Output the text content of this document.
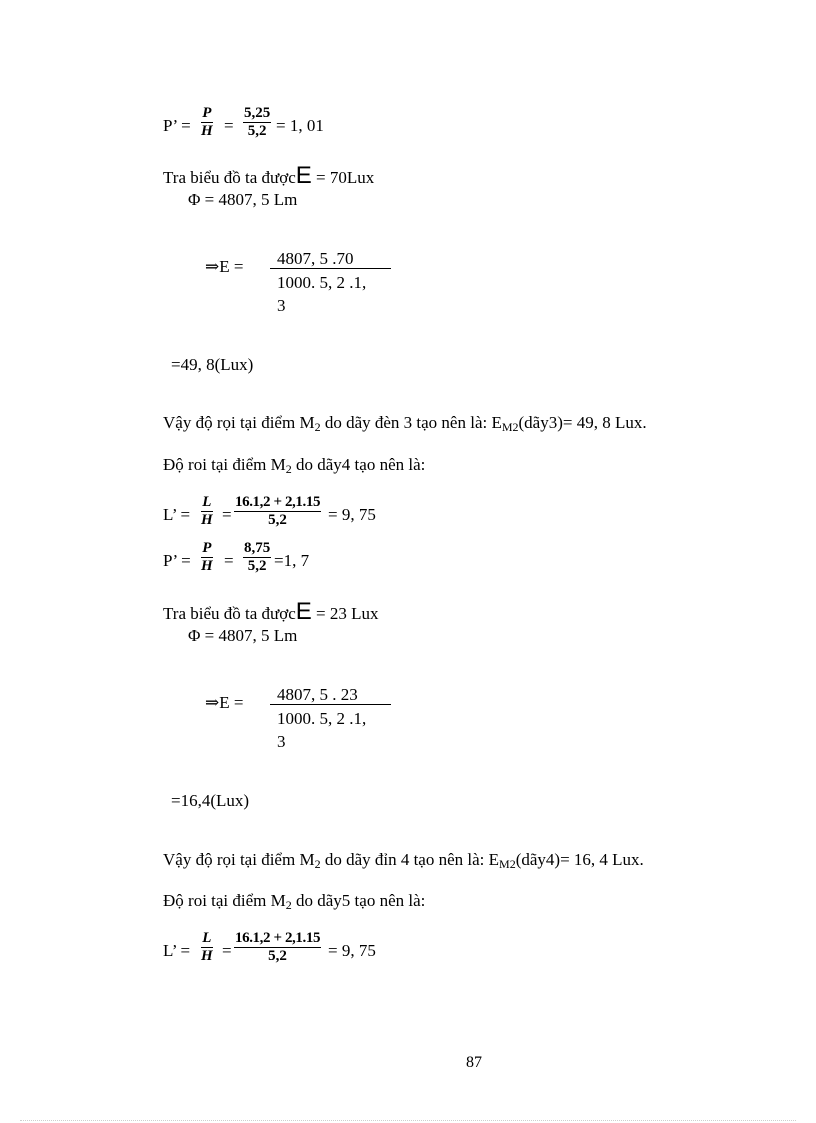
P’ = $\frac{P}{H} = \frac{5,25}{5,2} = 1$, 01
Tra biểu đồ ta đượcE = 70Lux
Φ = 4807, 5 Lm
⇒E = 4807, 5 .70
1000. 5, 2 .1,
3
=49, 8(Lux)
Vậy độ rọi tại điểm $M_2$ do dãy đèn 3 tạo nên là: $E_{M2}(dãy3)= 49$, 8 Lux.
Độ roi tại điểm $M_2$ do dãy4 tạo nên là:
L’ = $\frac{L}{H} = \frac{16.1,2 + 2,1.15}{5,2} = 9$, 75
P’ = $\frac{P}{H} = \frac{8,75}{5,2} =1$, 7
Tra biểu đồ ta đượcE = 23 Lux
Φ = 4807, 5 Lm
⇒E = 4807, 5 . 23
1000. 5, 2 .1,
3
=16,4(Lux)
Vậy độ rọi tại điểm $M_2$ do dãy đỉn 4 tạo nên là: $E_{M2}(dãy4)= 16$, 4 Lux.
Độ roi tại điểm $M_2$ do dãy5 tạo nên là:
L’ = $\frac{L}{H} = \frac{16.1,2 + 2,1.15}{5,2} = 9$, 75
87
